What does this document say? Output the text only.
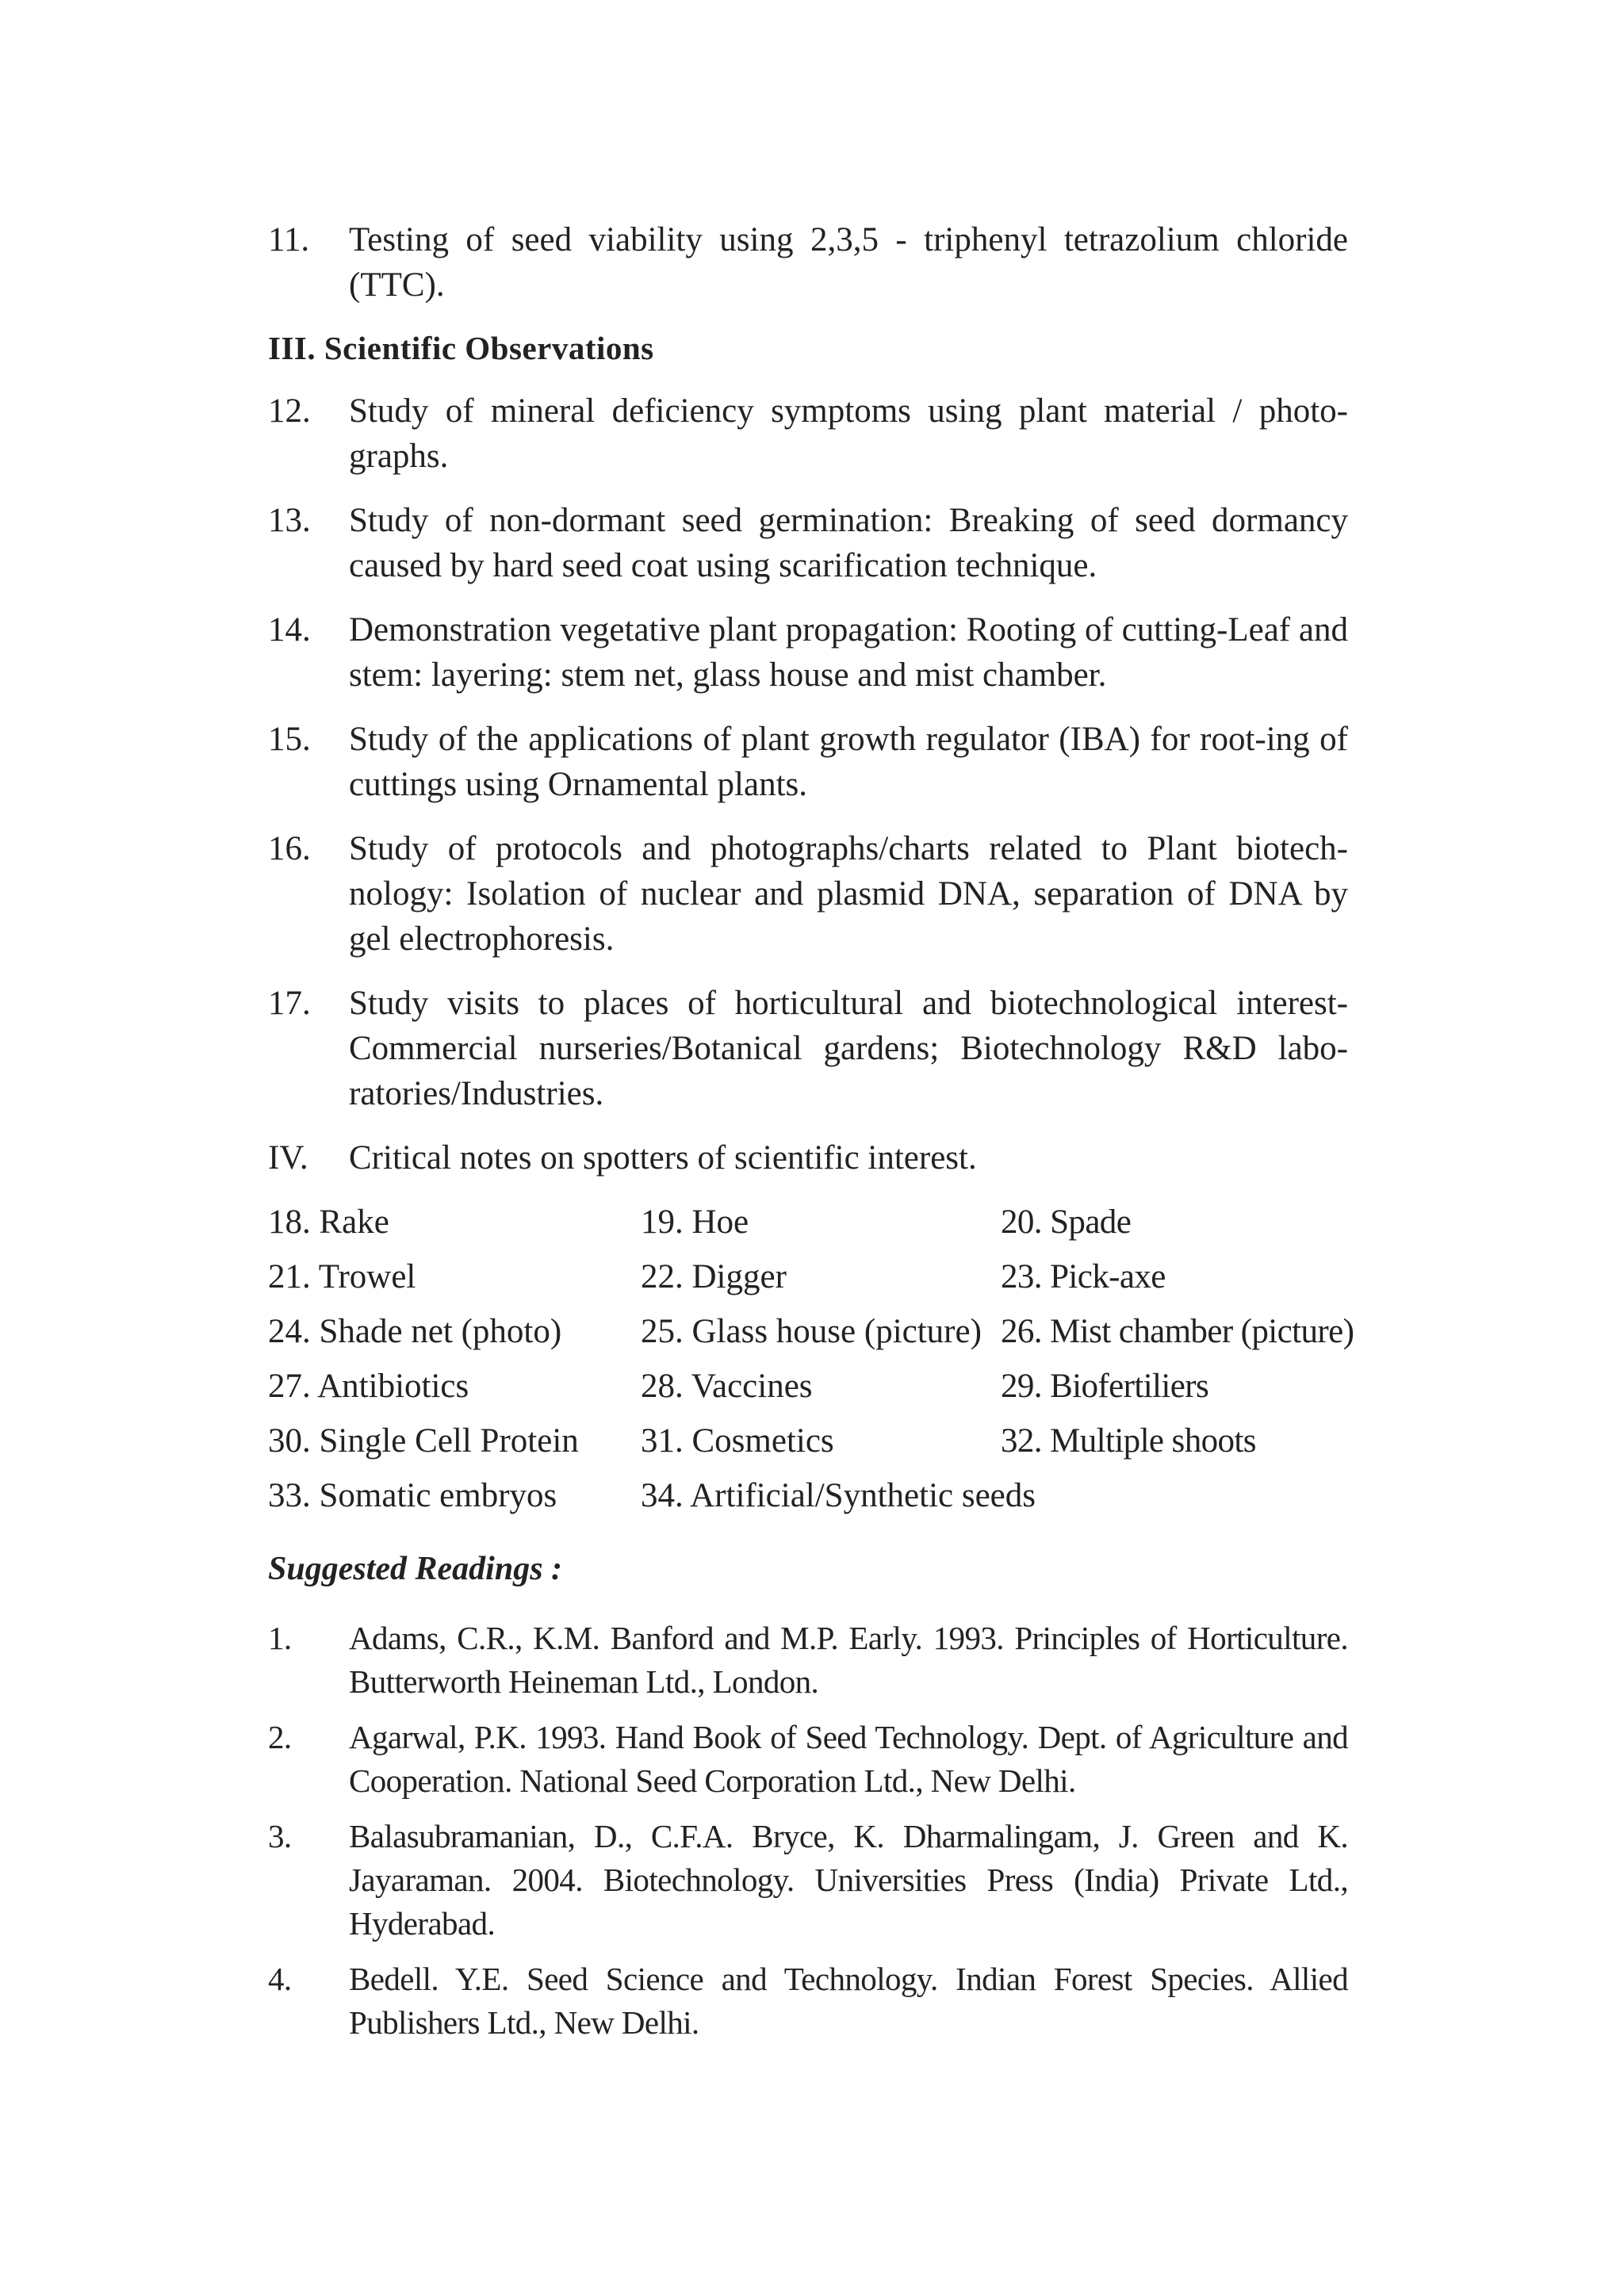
11. Testing of seed viability using 2,3,5 - triphenyl tetrazolium chloride (TTC).
III. Scientific Observations
12. Study of mineral deficiency symptoms using plant material / photo-graphs.
13. Study of non-dormant seed germination: Breaking of seed dormancy caused by hard seed coat using scarification technique.
14. Demonstration vegetative plant propagation: Rooting of cutting-Leaf and stem: layering: stem net, glass house and mist chamber.
15. Study of the applications of plant growth regulator (IBA) for root-ing of cuttings using Ornamental plants.
16. Study of protocols and photographs/charts related to Plant biotech-nology: Isolation of nuclear and plasmid DNA, separation of DNA by gel electrophoresis.
17. Study visits to places of horticultural and biotechnological interest-Commercial nurseries/Botanical gardens; Biotechnology R&D labo-ratories/Industries.
IV. Critical notes on spotters of scientific interest.
18. Rake	19. Hoe	20. Spade
21. Trowel	22. Digger	23. Pick-axe
24. Shade net (photo)	25. Glass house (picture) 26. Mist chamber (picture)
27. Antibiotics	28. Vaccines	29. Biofertiliers
30. Single Cell Protein	31. Cosmetics	32. Multiple shoots
33. Somatic embryos	34. Artificial/Synthetic seeds
Suggested Readings :
1. Adams, C.R., K.M. Banford and M.P. Early. 1993. Principles of Horticulture. Butterworth Heineman Ltd., London.
2. Agarwal, P.K. 1993. Hand Book of Seed Technology. Dept. of Agriculture and Cooperation. National Seed Corporation Ltd., New Delhi.
3. Balasubramanian, D., C.F.A. Bryce, K. Dharmalingam, J. Green and K. Jayaraman. 2004. Biotechnology. Universities Press (India) Private Ltd., Hyderabad.
4. Bedell. Y.E. Seed Science and Technology. Indian Forest Species. Allied Publishers Ltd., New Delhi.
